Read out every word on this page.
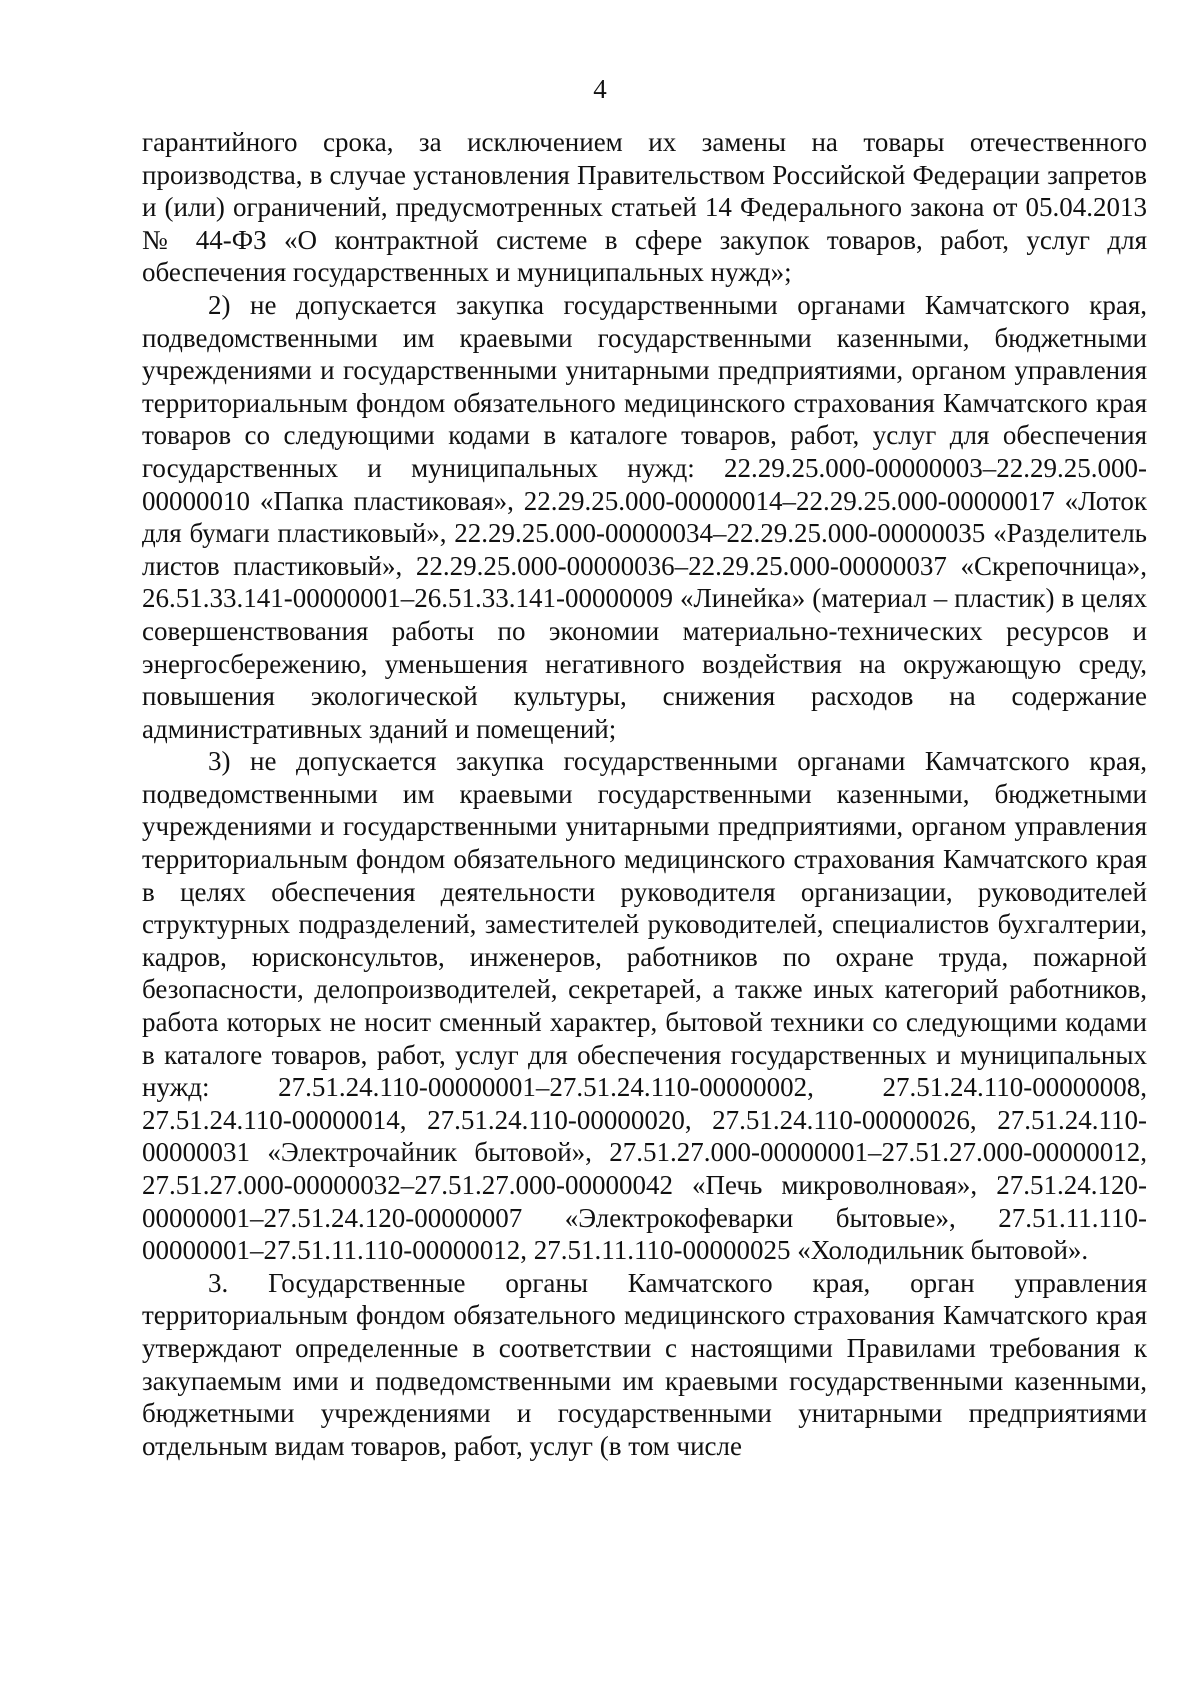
4

гарантийного срока, за исключением их замены на товары отечественного производства, в случае установления Правительством Российской Федерации запретов и (или) ограничений, предусмотренных статьей 14 Федерального закона от 05.04.2013 № 44-ФЗ «О контрактной системе в сфере закупок товаров, работ, услуг для обеспечения государственных и муниципальных нужд»;

2) не допускается закупка государственными органами Камчатского края, подведомственными им краевыми государственными казенными, бюджетными учреждениями и государственными унитарными предприятиями, органом управления территориальным фондом обязательного медицинского страхования Камчатского края товаров со следующими кодами в каталоге товаров, работ, услуг для обеспечения государственных и муниципальных нужд: 22.29.25.000-00000003–22.29.25.000-00000010 «Папка пластиковая», 22.29.25.000-00000014–22.29.25.000-00000017 «Лоток для бумаги пластиковый», 22.29.25.000-00000034–22.29.25.000-00000035 «Разделитель листов пластиковый», 22.29.25.000-00000036–22.29.25.000-00000037 «Скрепочница», 26.51.33.141-00000001–26.51.33.141-00000009 «Линейка» (материал – пластик) в целях совершенствования работы по экономии материально-технических ресурсов и энергосбережению, уменьшения негативного воздействия на окружающую среду, повышения экологической культуры, снижения расходов на содержание административных зданий и помещений;

3) не допускается закупка государственными органами Камчатского края, подведомственными им краевыми государственными казенными, бюджетными учреждениями и государственными унитарными предприятиями, органом управления территориальным фондом обязательного медицинского страхования Камчатского края в целях обеспечения деятельности руководителя организации, руководителей структурных подразделений, заместителей руководителей, специалистов бухгалтерии, кадров, юрисконсультов, инженеров, работников по охране труда, пожарной безопасности, делопроизводителей, секретарей, а также иных категорий работников, работа которых не носит сменный характер, бытовой техники со следующими кодами в каталоге товаров, работ, услуг для обеспечения государственных и муниципальных нужд: 27.51.24.110-00000001–27.51.24.110-00000002, 27.51.24.110-00000008, 27.51.24.110-00000014, 27.51.24.110-00000020, 27.51.24.110-00000026, 27.51.24.110-00000031 «Электрочайник бытовой», 27.51.27.000-00000001–27.51.27.000-00000012, 27.51.27.000-00000032–27.51.27.000-00000042 «Печь микроволновая», 27.51.24.120-00000001–27.51.24.120-00000007 «Электрокофеварки бытовые», 27.51.11.110-00000001–27.51.11.110-00000012, 27.51.11.110-00000025 «Холодильник бытовой».

3. Государственные органы Камчатского края, орган управления территориальным фондом обязательного медицинского страхования Камчатского края утверждают определенные в соответствии с настоящими Правилами требования к закупаемым ими и подведомственными им краевыми государственными казенными, бюджетными учреждениями и государственными унитарными предприятиями отдельным видам товаров, работ, услуг (в том числе
